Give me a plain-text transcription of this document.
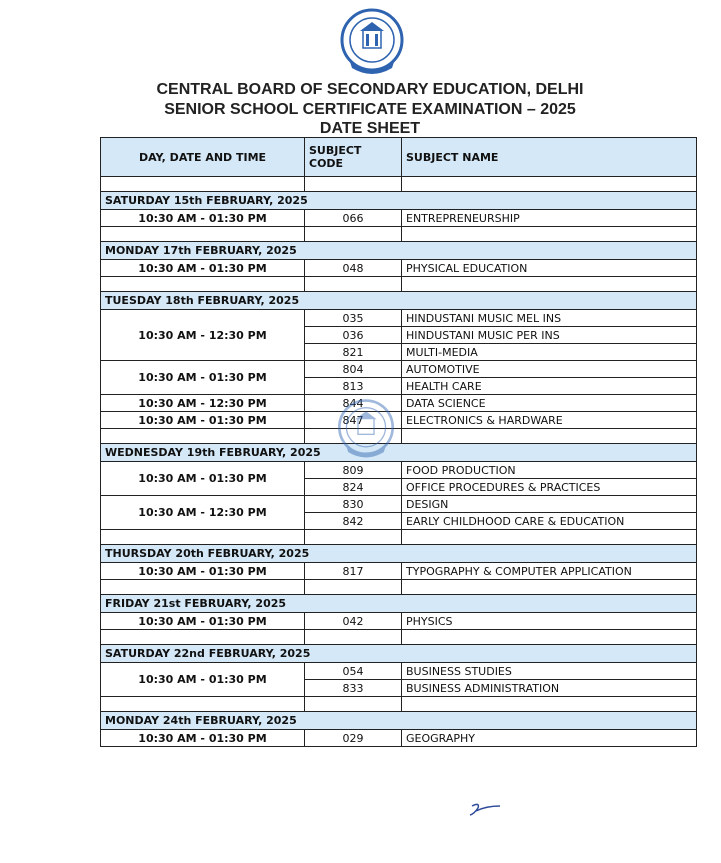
CENTRAL BOARD OF SECONDARY EDUCATION, DELHI
SENIOR SCHOOL CERTIFICATE EXAMINATION – 2025
DATE SHEET
DAY, DATE AND TIME	SUBJECT CODE	SUBJECT NAME

SATURDAY 15th FEBRUARY, 2025		
10:30 AM - 01:30 PM	066	ENTREPRENEURSHIP

MONDAY 17th FEBRUARY, 2025		
10:30 AM - 01:30 PM	048	PHYSICAL EDUCATION

TUESDAY 18th FEBRUARY, 2025		
10:30 AM - 12:30 PM	035	HINDUSTANI MUSIC MEL INS
	036	HINDUSTANI MUSIC PER INS
	821	MULTI-MEDIA
10:30 AM - 01:30 PM	804	AUTOMOTIVE
	813	HEALTH CARE
10:30 AM - 12:30 PM	844	DATA SCIENCE
10:30 AM - 01:30 PM	847	ELECTRONICS & HARDWARE

WEDNESDAY 19th FEBRUARY, 2025		
10:30 AM - 01:30 PM	809	FOOD PRODUCTION
	824	OFFICE PROCEDURES & PRACTICES
10:30 AM - 12:30 PM	830	DESIGN
	842	EARLY CHILDHOOD CARE & EDUCATION

THURSDAY 20th FEBRUARY, 2025		
10:30 AM - 01:30 PM	817	TYPOGRAPHY & COMPUTER APPLICATION

FRIDAY 21st FEBRUARY, 2025		
10:30 AM - 01:30 PM	042	PHYSICS

SATURDAY 22nd FEBRUARY, 2025		
10:30 AM - 01:30 PM	054	BUSINESS STUDIES
	833	BUSINESS ADMINISTRATION

MONDAY 24th FEBRUARY, 2025		
10:30 AM - 01:30 PM	029	GEOGRAPHY
